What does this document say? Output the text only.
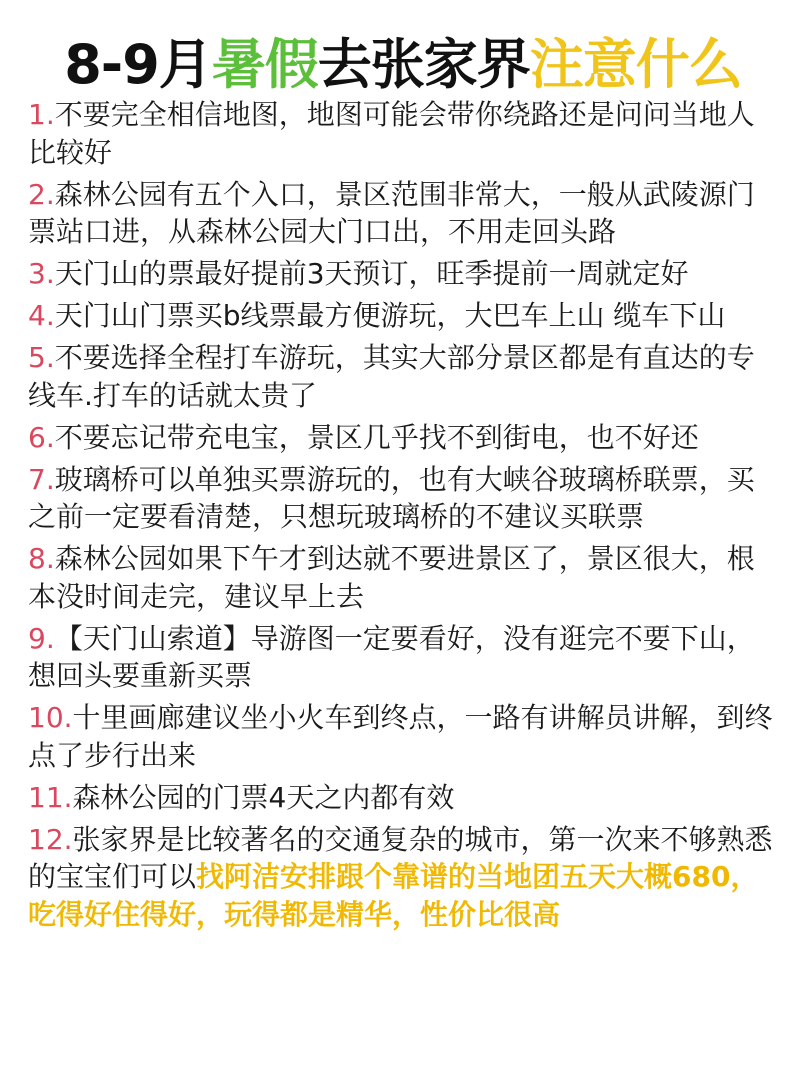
8-9月暑假去张家界注意什么
1.不要完全相信地图，地图可能会带你绕路还是问问当地人比较好
2.森林公园有五个入口，景区范围非常大，一般从武陵源门票站口进，从森林公园大门口出，不用走回头路
3.天门山的票最好提前3天预订，旺季提前一周就定好
4.天门山门票买b线票最方便游玩，大巴车上山 缆车下山
5.不要选择全程打车游玩，其实大部分景区都是有直达的专线车.打车的话就太贵了
6.不要忘记带充电宝，景区几乎找不到街电，也不好还
7.玻璃桥可以单独买票游玩的，也有大峡谷玻璃桥联票，买之前一定要看清楚，只想玩玻璃桥的不建议买联票
8.森林公园如果下午才到达就不要进景区了，景区很大，根本没时间走完，建议早上去
9.【天门山索道】导游图一定要看好，没有逛完不要下山，想回头要重新买票
10.十里画廊建议坐小火车到终点，一路有讲解员讲解，到终点了步行出来
11.森林公园的门票4天之内都有效
12.张家界是比较著名的交通复杂的城市，第一次来不够熟悉的宝宝们可以找阿洁安排跟个靠谱的当地团五天大概680，吃得好住得好，玩得都是精华，性价比很高
